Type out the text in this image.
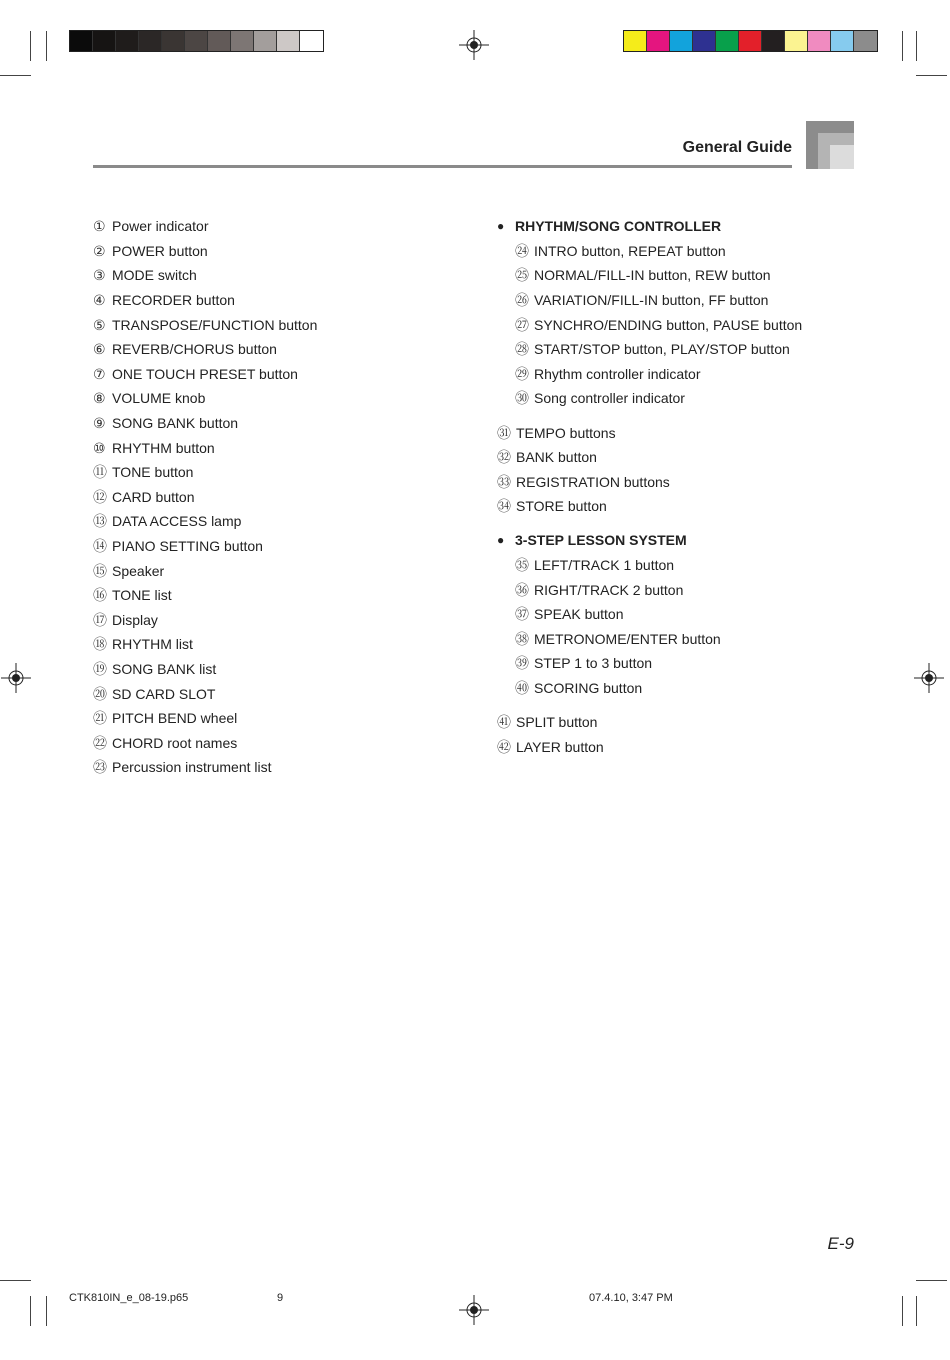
General Guide
① Power indicator
② POWER button
③ MODE switch
④ RECORDER button
⑤ TRANSPOSE/FUNCTION button
⑥ REVERB/CHORUS button
⑦ ONE TOUCH PRESET button
⑧ VOLUME knob
⑨ SONG BANK button
⑩ RHYTHM button
⑪ TONE button
⑫ CARD button
⑬ DATA ACCESS lamp
⑭ PIANO SETTING button
⑮ Speaker
⑯ TONE list
⑰ Display
⑱ RHYTHM list
⑲ SONG BANK list
⑳ SD CARD SLOT
㉑ PITCH BEND wheel
㉒ CHORD root names
㉓ Percussion instrument list
● RHYTHM/SONG CONTROLLER
㉔ INTRO button, REPEAT button
㉕ NORMAL/FILL-IN button, REW button
㉖ VARIATION/FILL-IN button, FF button
㉗ SYNCHRO/ENDING button, PAUSE button
㉘ START/STOP button, PLAY/STOP button
㉙ Rhythm controller indicator
㉚ Song controller indicator
㉛ TEMPO buttons
㉜ BANK button
㉝ REGISTRATION buttons
㉞ STORE button
● 3-STEP LESSON SYSTEM
㉟ LEFT/TRACK 1 button
㊱ RIGHT/TRACK 2 button
㊲ SPEAK button
㊳ METRONOME/ENTER button
㊴ STEP 1 to 3 button
㊵ SCORING button
㊶ SPLIT button
㊷ LAYER button
E-9
CTK810IN_e_08-19.p65	9	07.4.10, 3:47 PM
